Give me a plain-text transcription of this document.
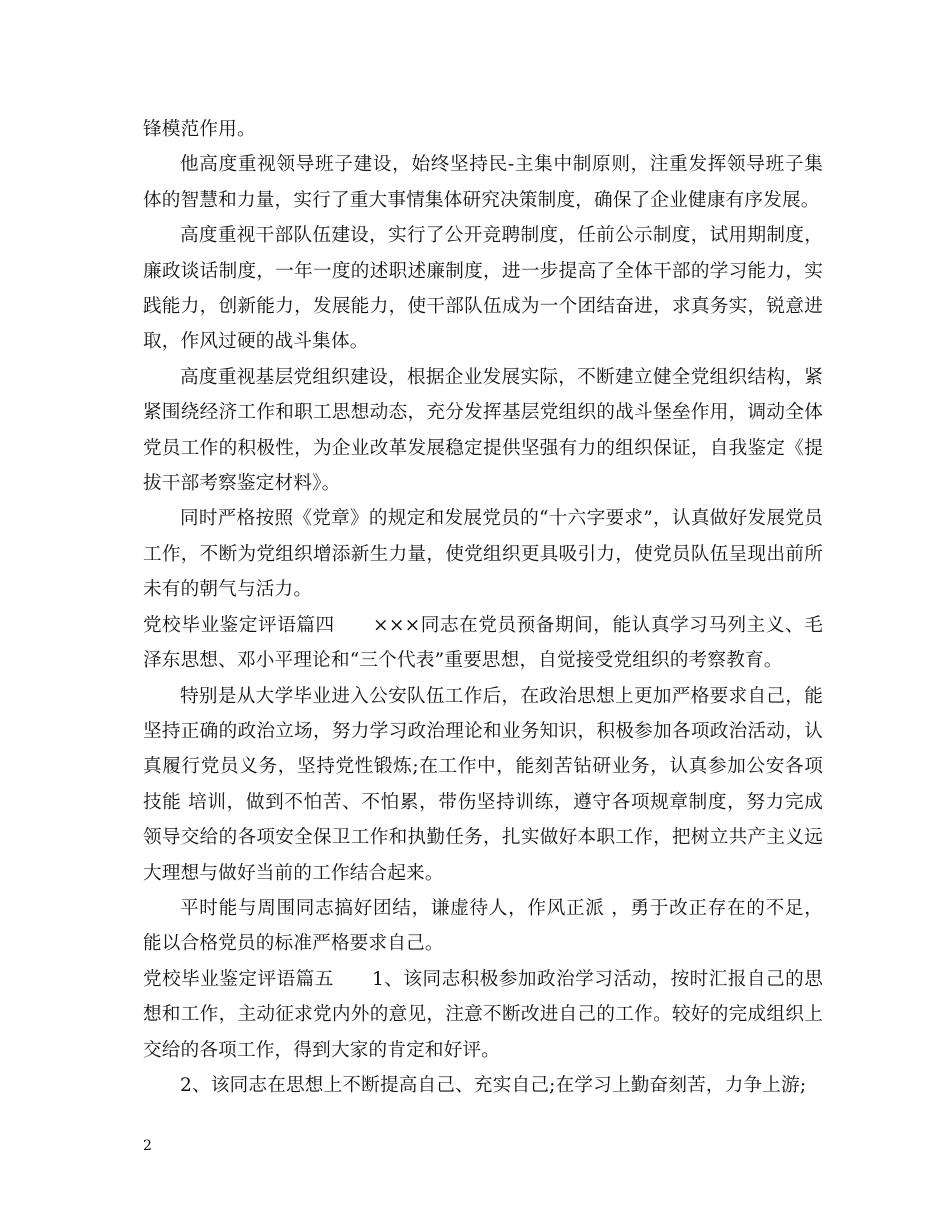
锋模范作用。

他高度重视领导班子建设，始终坚持民-主集中制原则，注重发挥领导班子集体的智慧和力量，实行了重大事情集体研究决策制度，确保了企业健康有序发展。

高度重视干部队伍建设，实行了公开竞聘制度，任前公示制度，试用期制度，廉政谈话制度，一年一度的述职述廉制度，进一步提高了全体干部的学习能力，实践能力，创新能力，发展能力，使干部队伍成为一个团结奋进，求真务实，锐意进取，作风过硬的战斗集体。

高度重视基层党组织建设，根据企业发展实际，不断建立健全党组织结构，紧紧围绕经济工作和职工思想动态，充分发挥基层党组织的战斗堡垒作用，调动全体党员工作的积极性，为企业改革发展稳定提供坚强有力的组织保证，自我鉴定《提拔干部考察鉴定材料》。

同时严格按照《党章》的规定和发展党员的“十六字要求”，认真做好发展党员工作，不断为党组织增添新生力量，使党组织更具吸引力，使党员队伍呈现出前所未有的朝气与活力。

党校毕业鉴定评语篇四　　×××同志在党员预备期间，能认真学习马列主义、毛泽东思想、邓小平理论和“三个代表”重要思想，自觉接受党组织的考察教育。

特别是从大学毕业进入公安队伍工作后，在政治思想上更加严格要求自己，能坚持正确的政治立场，努力学习政治理论和业务知识，积极参加各项政治活动，认真履行党员义务，坚持党性锻炼;在工作中，能刻苦钻研业务，认真参加公安各项技能 培训，做到不怕苦、不怕累，带伤坚持训练，遵守各项规章制度，努力完成领导交给的各项安全保卫工作和执勤任务，扎实做好本职工作，把树立共产主义远大理想与做好当前的工作结合起来。

平时能与周围同志搞好团结，谦虚待人，作风正派 ，勇于改正存在的不足，能以合格党员的标准严格要求自己。

党校毕业鉴定评语篇五　　1、该同志积极参加政治学习活动，按时汇报自己的思想和工作，主动征求党内外的意见，注意不断改进自己的工作。较好的完成组织上交给的各项工作，得到大家的肯定和好评。

2、该同志在思想上不断提高自己、充实自己;在学习上勤奋刻苦，力争上游;

2
